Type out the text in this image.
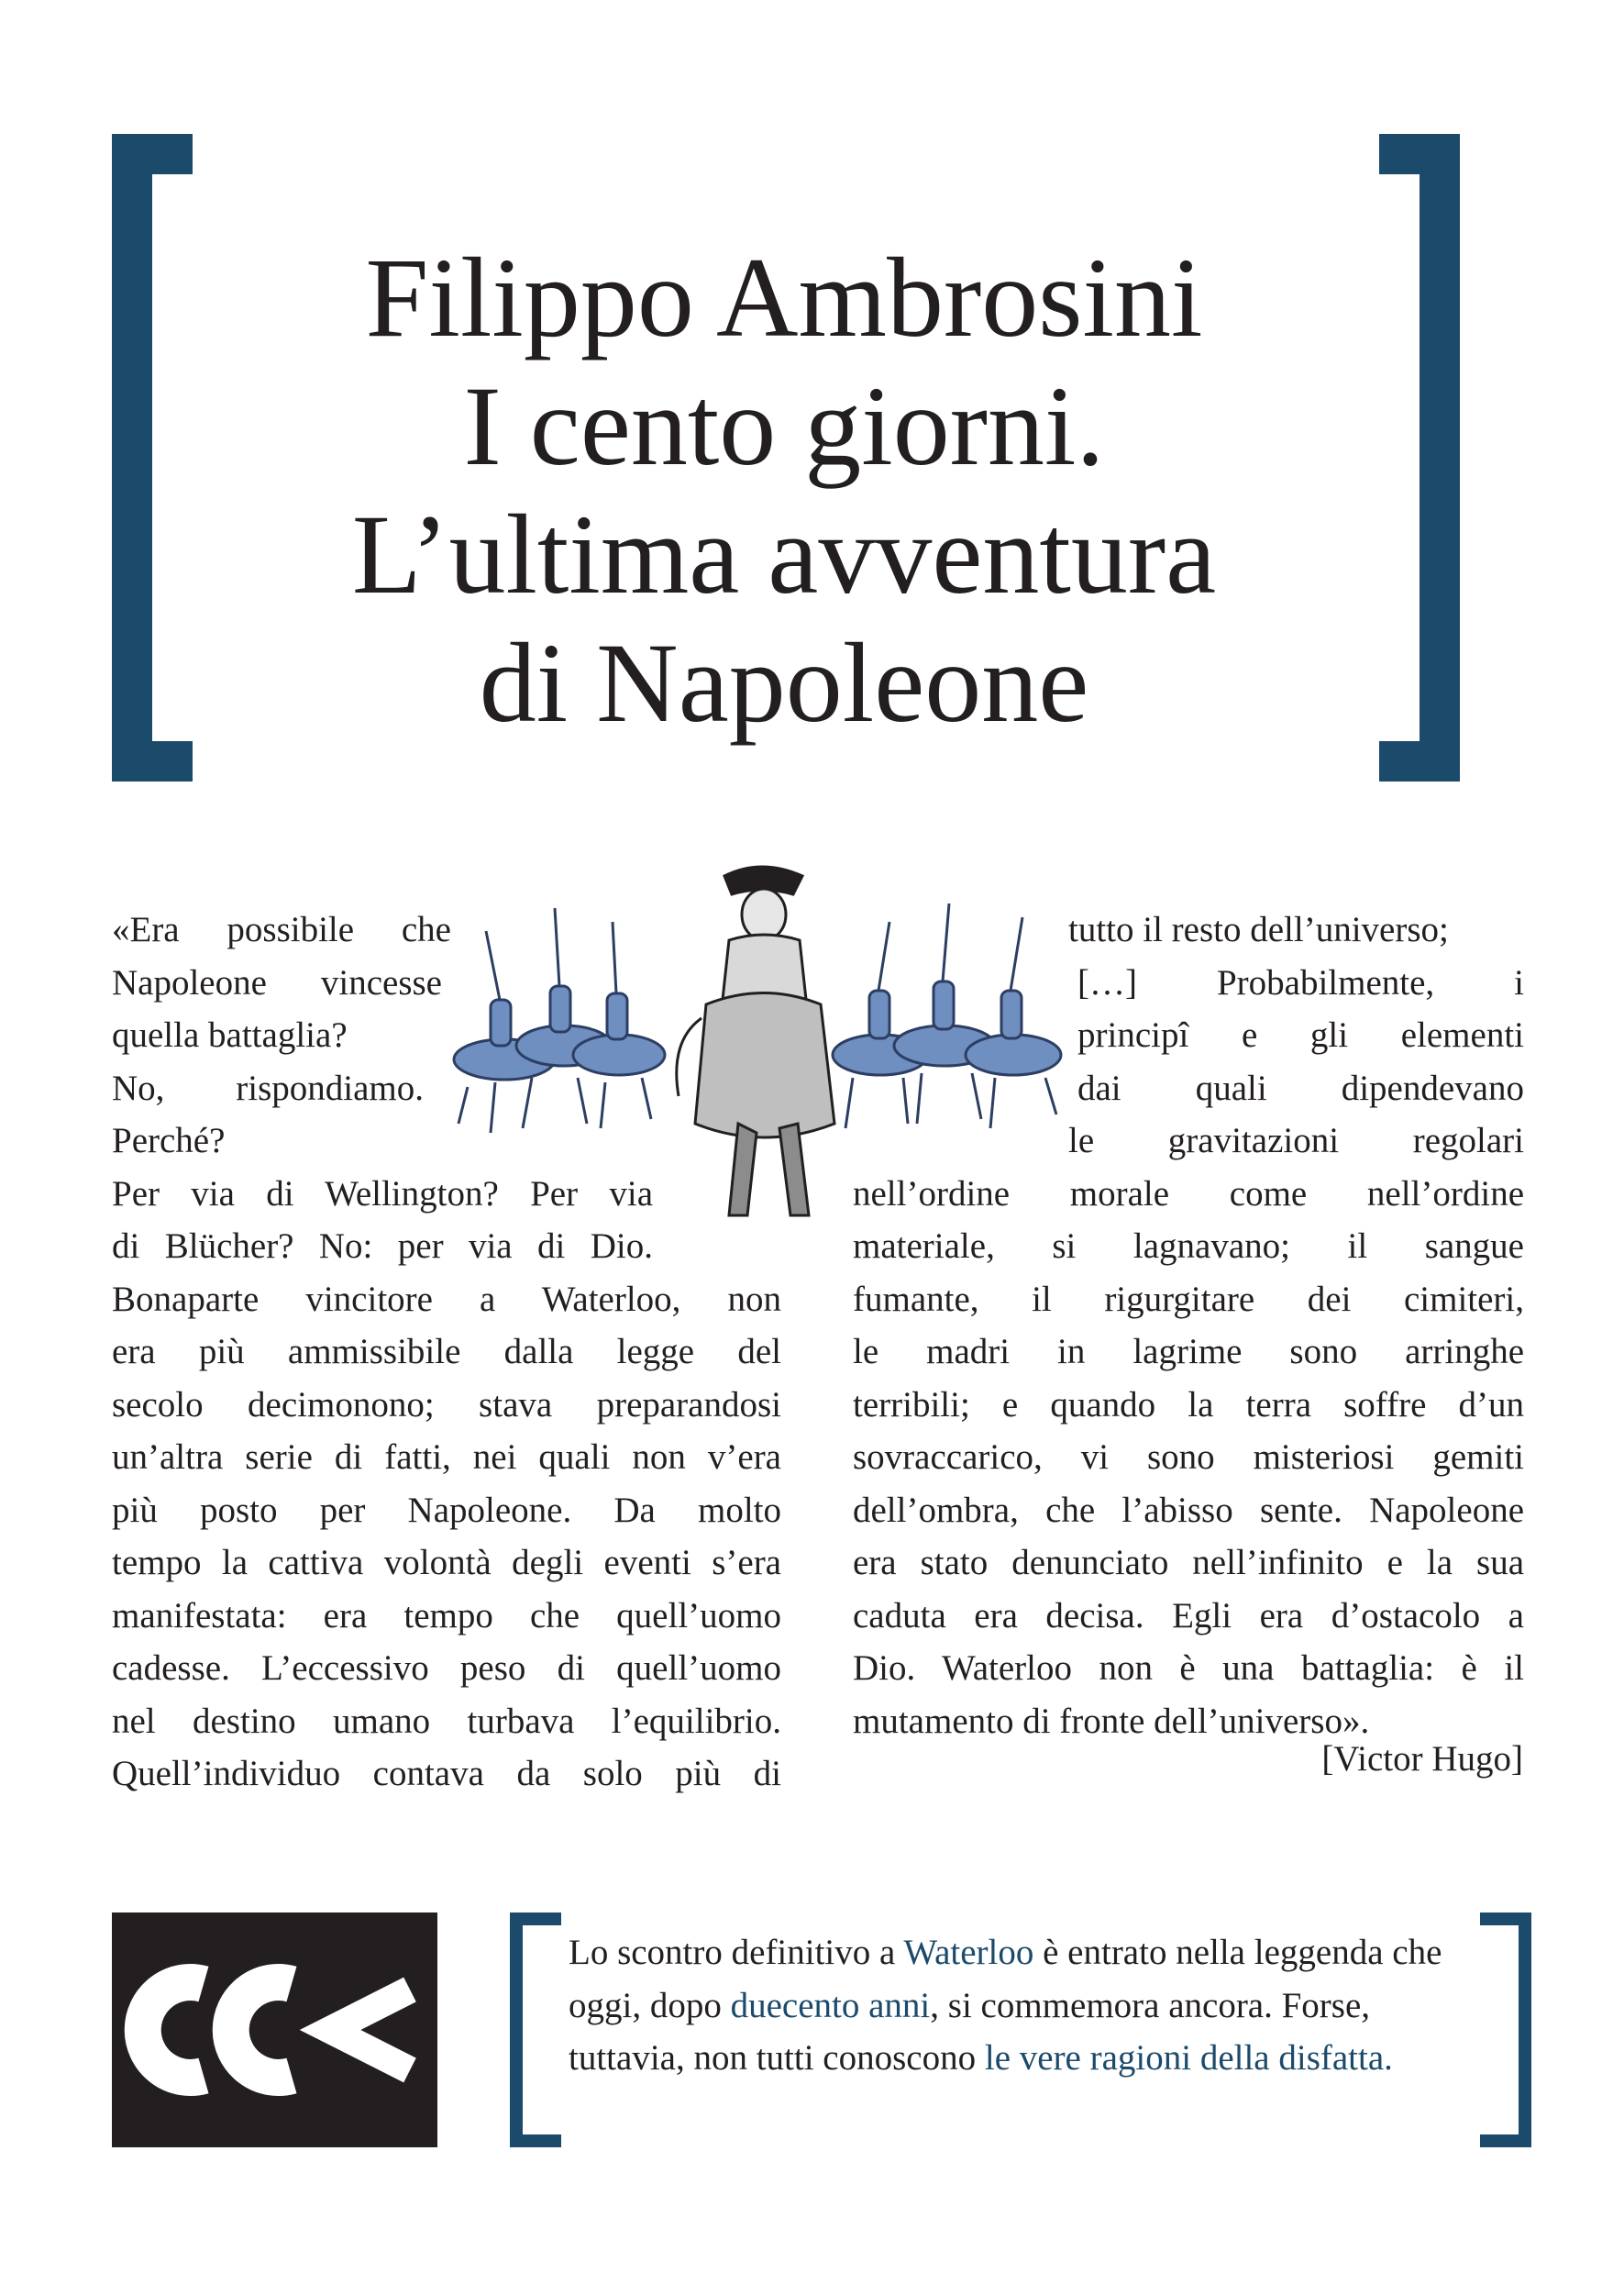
Filippo Ambrosini
I cento giorni.
L’ultima avventura
di Napoleone
«Era possibile che
Napoleone vincesse
quella battaglia?
No, rispondiamo.
Perché?
Per via di Wellington? Per via
di Blücher? No: per via di Dio.
Bonaparte vincitore a Waterloo, non
era più ammissibile dalla legge del
secolo decimonono; stava preparandosi
un’altra serie di fatti, nei quali non v’era
più posto per Napoleone. Da molto
tempo la cattiva volontà degli eventi s’era
manifestata: era tempo che quell’uomo
cadesse. L’eccessivo peso di quell’uomo
nel destino umano turbava l’equilibrio.
Quell’individuo contava da solo più di
tutto il resto dell’universo;
[…] Probabilmente, i
principî e gli elementi
dai quali dipendevano
le gravitazioni regolari
nell’ordine morale come nell’ordine
materiale, si lagnavano; il sangue
fumante, il rigurgitare dei cimiteri,
le madri in lagrime sono arringhe
terribili; e quando la terra soffre d’un
sovraccarico, vi sono misteriosi gemiti
dell’ombra, che l’abisso sente. Napoleone
era stato denunciato nell’infinito e la sua
caduta era decisa. Egli era d’ostacolo a
Dio. Waterloo non è una battaglia: è il
mutamento di fronte dell’universo».
[Victor Hugo]
Lo scontro definitivo a Waterloo è entrato nella leggenda che oggi, dopo duecento anni, si commemora ancora. Forse, tuttavia, non tutti conoscono le vere ragioni della disfatta.
